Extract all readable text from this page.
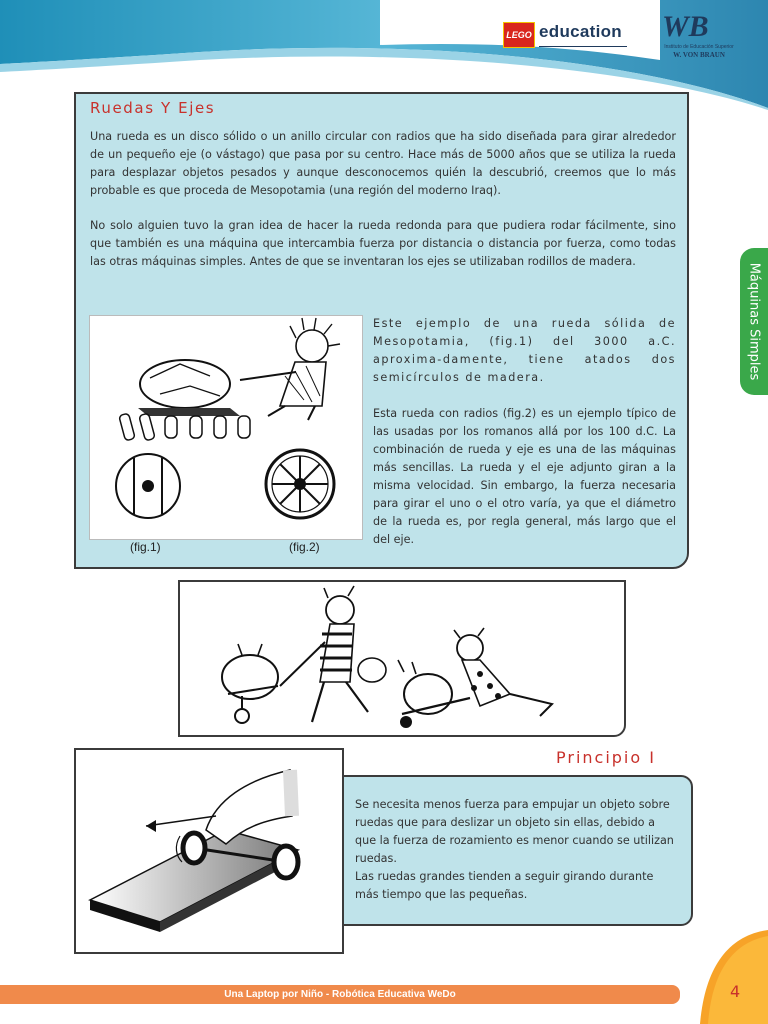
LEGO education WB
Instituto de Educación Superior
W. VON BRAUN
Máquinas Simples
Ruedas Y Ejes
Una rueda es un disco sólido o un anillo circular con radios que ha sido diseñada para girar alrededor de un pequeño eje (o vástago) que pasa por su centro. Hace más de 5000 años que se utiliza la rueda para desplazar objetos pesados y aunque desconocemos quién la descubrió, creemos que lo más probable es que proceda de Mesopotamia (una región del moderno Iraq).
No solo alguien tuvo la gran idea de hacer la rueda redonda para que pudiera rodar fácilmente, sino que también es una máquina que intercambia fuerza por distancia o distancia por fuerza, como todas las otras máquinas simples. Antes de que se inventaran los ejes se utilizaban rodillos de madera.
(fig.1)	(fig.2)
Este ejemplo de una rueda sólida de Mesopotamia, (fig.1) del 3000 a.C. aproxima-damente, tiene atados dos semicírculos de madera.
Esta rueda con radios (fig.2) es un ejemplo típico de las usadas por los romanos allá por los 100 d.C. La combinación de rueda y eje es una de las máquinas más sencillas. La rueda y el eje adjunto giran a la misma velocidad. Sin embargo, la fuerza necesaria para girar el uno o el otro varía, ya que el diámetro de la rueda es, por regla general, más largo que el del eje.
Principio I
Se necesita menos fuerza para empujar un objeto sobre ruedas que para deslizar un objeto sin ellas, debido a que la fuerza de rozamiento es menor cuando se utilizan ruedas.
Las ruedas grandes tienden a seguir girando durante más tiempo que las pequeñas.
Una Laptop por Niño - Robótica Educativa WeDo	4
